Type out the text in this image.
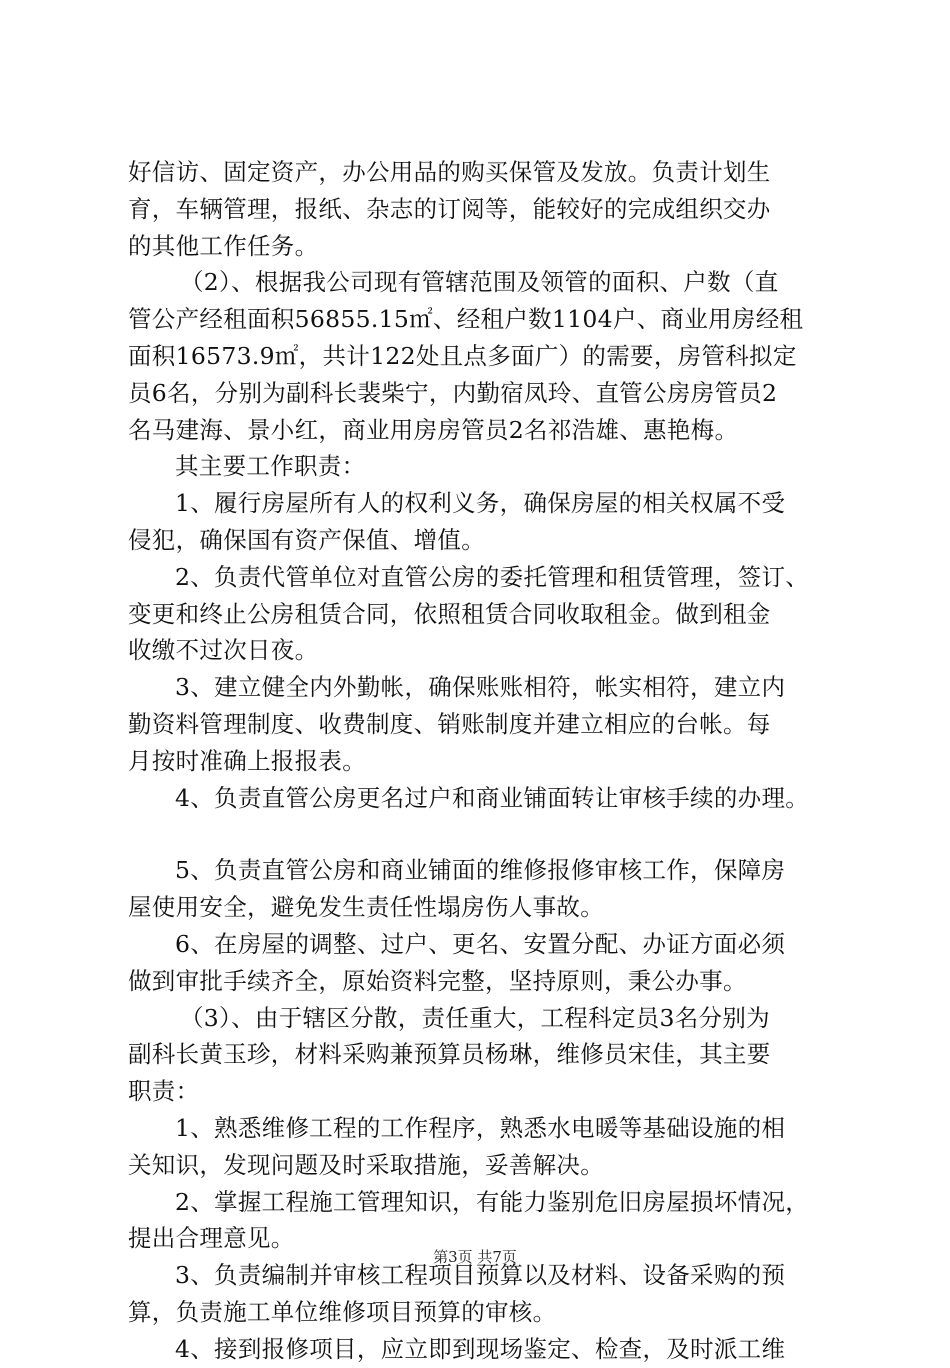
好信访、固定资产，办公用品的购买保管及发放。负责计划生

育，车辆管理，报纸、杂志的订阅等，能较好的完成组织交办

的其他工作任务。

（2）、根据我公司现有管辖范围及领管的面积、户数（直

管公产经租面积56855.15㎡、经租户数1104户、商业用房经租

面积16573.9㎡，共计122处且点多面广）的需要，房管科拟定

员6名，分别为副科长裴柴宁，内勤宿凤玲、直管公房房管员2

名马建海、景小红，商业用房房管员2名祁浩雄、惠艳梅。

其主要工作职责：

1、履行房屋所有人的权利义务，确保房屋的相关权属不受

侵犯，确保国有资产保值、增值。

2、负责代管单位对直管公房的委托管理和租赁管理，签订、

变更和终止公房租赁合同，依照租赁合同收取租金。做到租金

收缴不过次日夜。

3、建立健全内外勤帐，确保账账相符，帐实相符，建立内

勤资料管理制度、收费制度、销账制度并建立相应的台帐。每

月按时准确上报报表。

4、负责直管公房更名过户和商业铺面转让审核手续的办理。

5、负责直管公房和商业铺面的维修报修审核工作，保障房

屋使用安全，避免发生责任性塌房伤人事故。

6、在房屋的调整、过户、更名、安置分配、办证方面必须

做到审批手续齐全，原始资料完整，坚持原则，秉公办事。

（3）、由于辖区分散，责任重大，工程科定员3名分别为

副科长黄玉珍，材料采购兼预算员杨琳，维修员宋佳，其主要

职责：

1、熟悉维修工程的工作程序，熟悉水电暖等基础设施的相

关知识，发现问题及时采取措施，妥善解决。

2、掌握工程施工管理知识，有能力鉴别危旧房屋损坏情况，

提出合理意见。

3、负责编制并审核工程项目预算以及材料、设备采购的预

算，负责施工单位维修项目预算的审核。

4、接到报修项目，应立即到现场鉴定、检查，及时派工维

第3页 共7页
